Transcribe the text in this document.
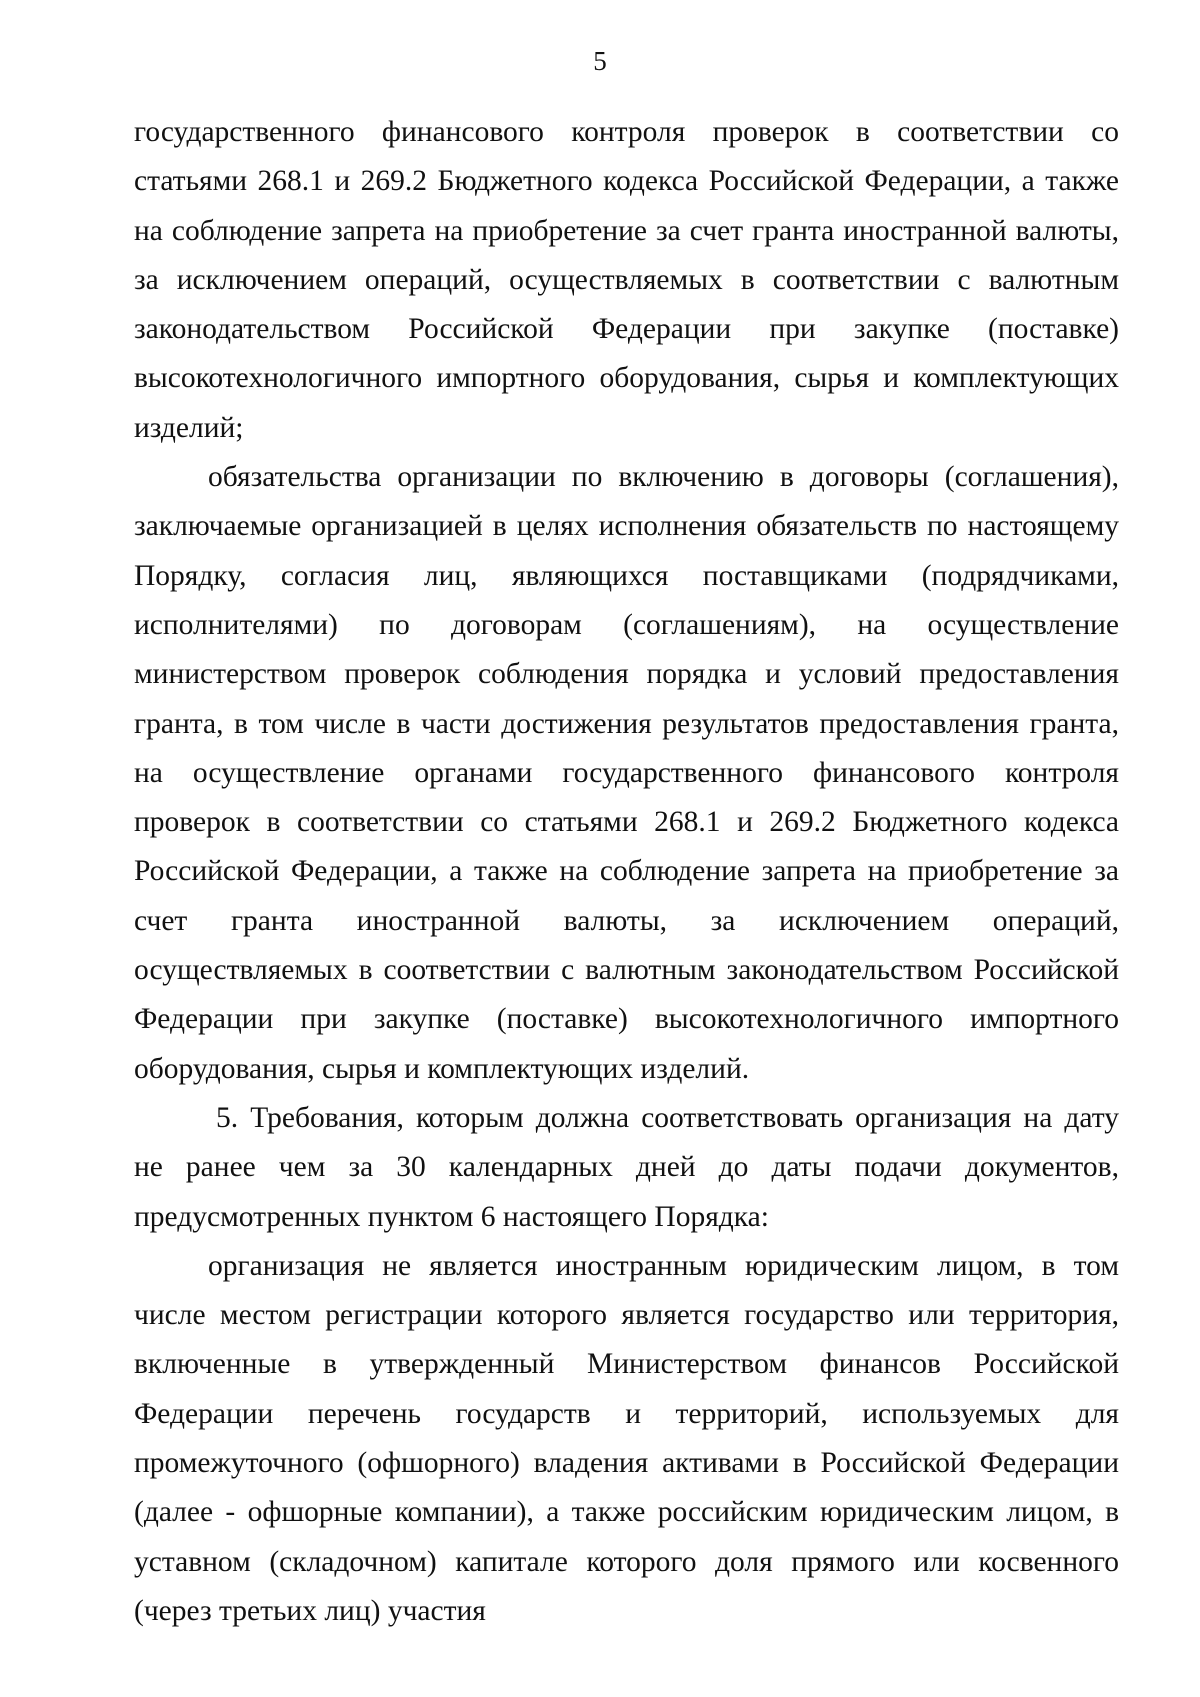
5

государственного финансового контроля проверок в соответствии со статьями 268.1 и 269.2 Бюджетного кодекса Российской Федерации, а также на соблюдение запрета на приобретение за счет гранта иностранной валюты, за исключением операций, осуществляемых в соответствии с валютным законодательством Российской Федерации при закупке (поставке) высокотехнологичного импортного оборудования, сырья и комплектующих изделий;

обязательства организации по включению в договоры (соглашения), заключаемые организацией в целях исполнения обязательств по настоящему Порядку, согласия лиц, являющихся поставщиками (подрядчиками, исполнителями) по договорам (соглашениям), на осуществление министерством проверок соблюдения порядка и условий предоставления гранта, в том числе в части достижения результатов предоставления гранта, на осуществление органами государственного финансового контроля проверок в соответствии со статьями 268.1 и 269.2 Бюджетного кодекса Российской Федерации, а также на соблюдение запрета на приобретение за счет гранта иностранной валюты, за исключением операций, осуществляемых в соответствии с валютным законодательством Российской Федерации при закупке (поставке) высокотехнологичного импортного оборудования, сырья и комплектующих изделий.

5. Требования, которым должна соответствовать организация на дату не ранее чем за 30 календарных дней до даты подачи документов, предусмотренных пунктом 6 настоящего Порядка:

организация не является иностранным юридическим лицом, в том числе местом регистрации которого является государство или территория, включенные в утвержденный Министерством финансов Российской Федерации перечень государств и территорий, используемых для промежуточного (офшорного) владения активами в Российской Федерации (далее - офшорные компании), а также российским юридическим лицом, в уставном (складочном) капитале которого доля прямого или косвенного (через третьих лиц) участия
